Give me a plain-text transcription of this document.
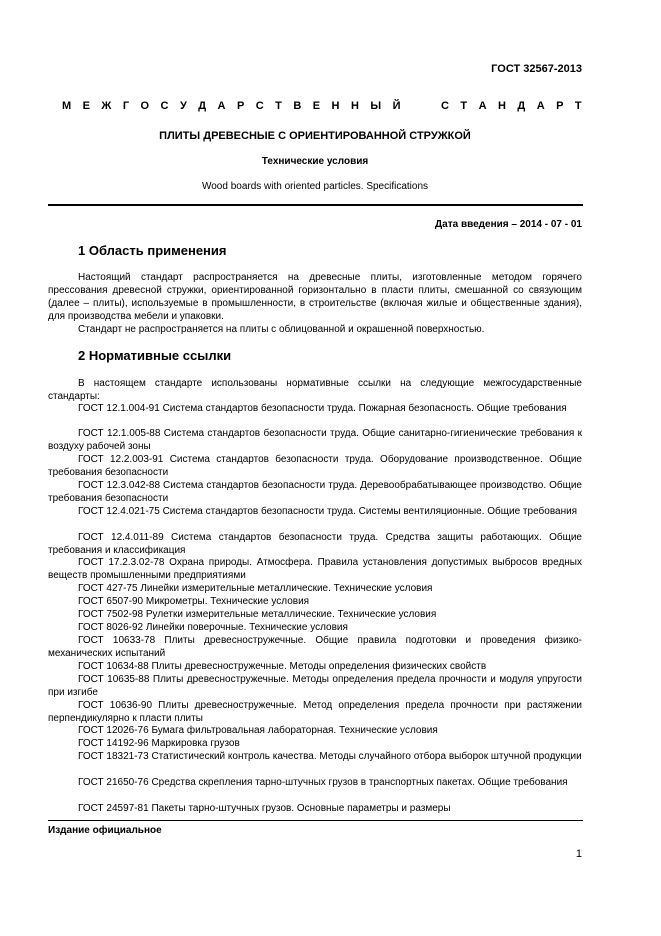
ГОСТ 32567-2013
М Е Ж Г О С У Д А Р С Т В Е Н Н Ы Й

	С Т А Н Д А Р Т
ПЛИТЫ ДРЕВЕСНЫЕ С ОРИЕНТИРОВАННОЙ СТРУЖКОЙ
Технические условия
Wood boards with oriented particles. Specifications
Дата введения – 2014 - 07 - 01
1 Область применения
Настоящий стандарт распространяется на древесные плиты, изготовленные методом горячего прессования древесной стружки, ориентированной горизонтально в пласти плиты, смешанной со связующим (далее – плиты), используемые в промышленности, в строительстве (включая жилые и общественные здания), для производства мебели и упаковки.
Стандарт не распространяется на плиты с облицованной и окрашенной поверхностью.
2 Нормативные ссылки
В настоящем стандарте использованы нормативные ссылки на следующие межгосударственные стандарты:
ГОСТ 12.1.004-91 Система стандартов безопасности труда. Пожарная безопасность. Общие требования
ГОСТ 12.1.005-88 Система стандартов безопасности труда. Общие санитарно-гигиенические требования к воздуху рабочей зоны
ГОСТ 12.2.003-91 Система стандартов безопасности труда. Оборудование производственное. Общие требования безопасности
ГОСТ 12.3.042-88 Система стандартов безопасности труда. Деревообрабатывающее производство. Общие требования безопасности
ГОСТ 12.4.021-75 Система стандартов безопасности труда. Системы вентиляционные. Общие требования
ГОСТ 12.4.011-89 Система стандартов безопасности труда. Средства защиты работающих. Общие требования и классификация
ГОСТ 17.2.3.02-78 Охрана природы. Атмосфера. Правила установления допустимых выбросов вредных веществ промышленными предприятиями
ГОСТ 427-75 Линейки измерительные металлические. Технические условия
ГОСТ 6507-90 Микрометры. Технические условия
ГОСТ 7502-98 Рулетки измерительные металлические. Технические условия
ГОСТ 8026-92 Линейки поверочные. Технические условия
ГОСТ 10633-78 Плиты древесностружечные. Общие правила подготовки и проведения физико-механических испытаний
ГОСТ 10634-88 Плиты древесностружечные. Методы определения физических свойств
ГОСТ 10635-88 Плиты древесностружечные. Методы определения предела прочности и модуля упругости при изгибе
ГОСТ 10636-90 Плиты древесностружечные. Метод определения предела прочности при растяжении перпендикулярно к пласти плиты
ГОСТ 12026-76 Бумага фильтровальная лабораторная. Технические условия
ГОСТ 14192-96 Маркировка грузов
ГОСТ 18321-73 Статистический контроль качества. Методы случайного отбора выборок штучной продукции
ГОСТ 21650-76 Средства скрепления тарно-штучных грузов в транспортных пакетах. Общие требования
ГОСТ 24597-81 Пакеты тарно-штучных грузов. Основные параметры и размеры
Издание официальное
1
